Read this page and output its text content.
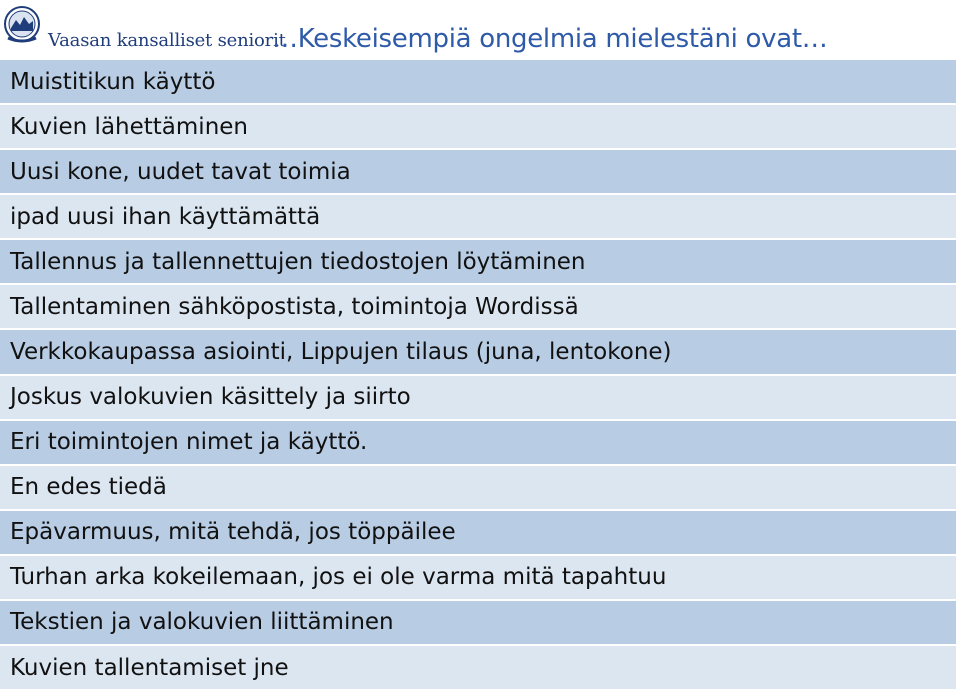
Vaasan kansalliset seniorit
…Keskeisempiä ongelmia mielestäni ovat…
Muistitikun käyttö
Kuvien lähettäminen
Uusi kone, uudet tavat toimia
ipad uusi ihan käyttämättä
Tallennus ja tallennettujen tiedostojen löytäminen
Tallentaminen sähköpostista, toimintoja Wordissä
Verkkokaupassa asiointi, Lippujen tilaus (juna, lentokone)
Joskus valokuvien käsittely ja siirto
Eri toimintojen nimet ja käyttö.
En edes tiedä
Epävarmuus, mitä tehdä, jos töppäilee
Turhan arka kokeilemaan, jos ei ole varma mitä tapahtuu
Tekstien ja valokuvien liittäminen
Kuvien tallentamiset jne
